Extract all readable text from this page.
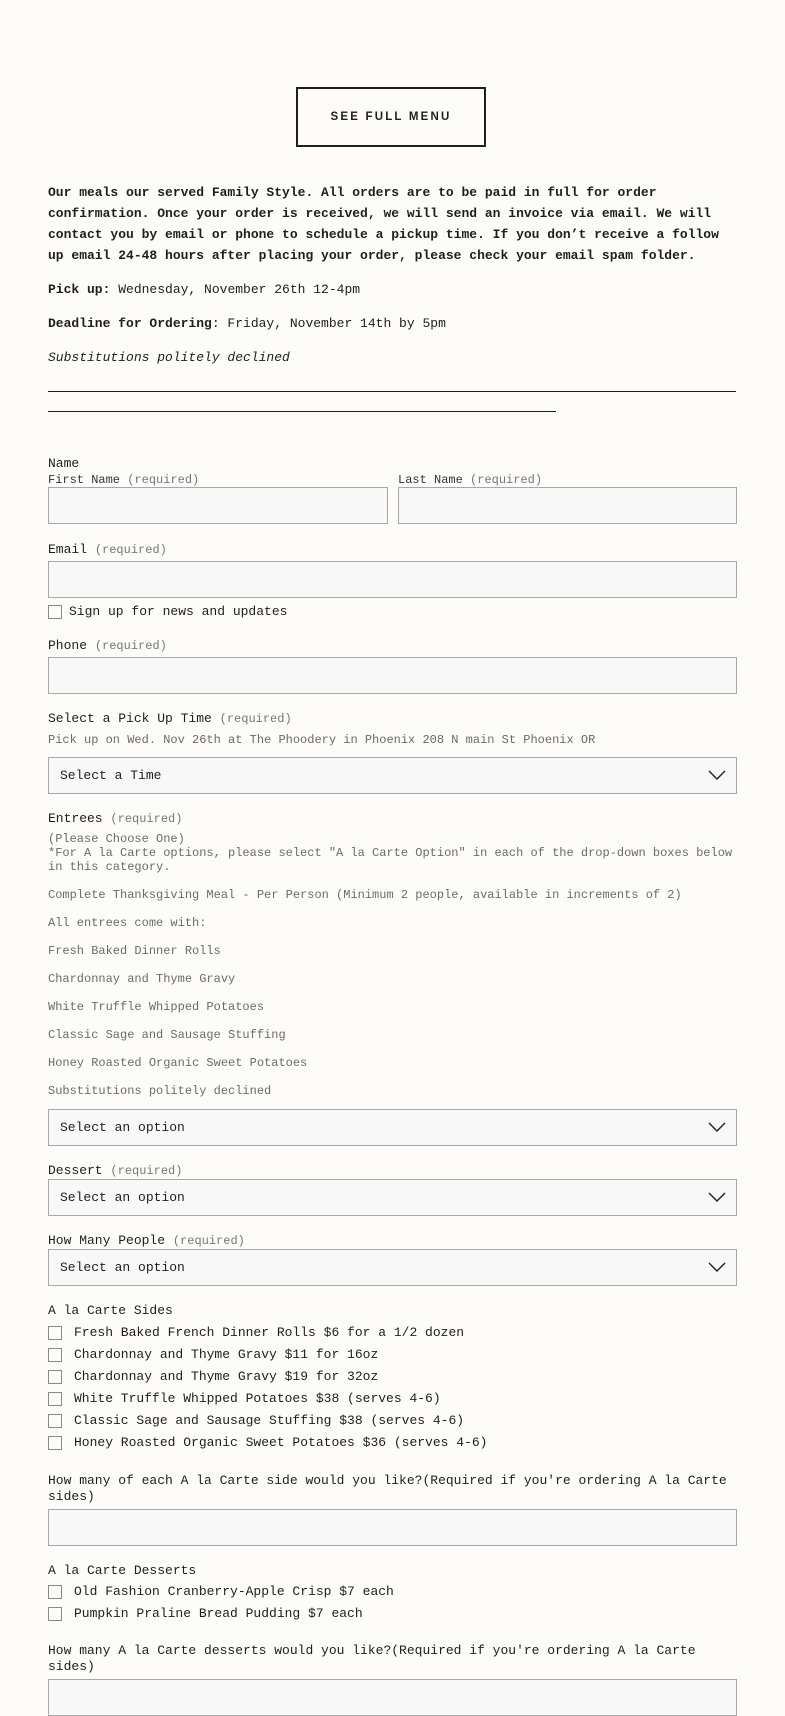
SEE FULL MENU
Our meals our served Family Style. All orders are to be paid in full for order confirmation. Once your order is received, we will send an invoice via email. We will contact you by email or phone to schedule a pickup time. If you don’t receive a follow up email 24-48 hours after placing your order, please check your email spam folder.
Pick up: Wednesday, November 26th 12-4pm
Deadline for Ordering: Friday, November 14th by 5pm
Substitutions politely declined
Name
First Name (required)	Last Name (required)
Email (required)
Sign up for news and updates
Phone (required)
Select a Pick Up Time (required)
Pick up on Wed. Nov 26th at The Phoodery in Phoenix 208 N main St Phoenix OR
Select a Time
Entrees (required)
(Please Choose One)
*For A la Carte options, please select "A la Carte Option" in each of the drop-down boxes below in this category.
Complete Thanksgiving Meal - Per Person (Minimum 2 people, available in increments of 2)
All entrees come with:
Fresh Baked Dinner Rolls
Chardonnay and Thyme Gravy
White Truffle Whipped Potatoes
Classic Sage and Sausage Stuffing
Honey Roasted Organic Sweet Potatoes
Substitutions politely declined
Select an option
Dessert (required)
Select an option
How Many People (required)
Select an option
A la Carte Sides
Fresh Baked French Dinner Rolls $6 for a 1/2 dozen
Chardonnay and Thyme Gravy $11 for 16oz
Chardonnay and Thyme Gravy $19 for 32oz
White Truffle Whipped Potatoes $38 (serves 4-6)
Classic Sage and Sausage Stuffing $38 (serves 4-6)
Honey Roasted Organic Sweet Potatoes $36 (serves 4-6)
How many of each A la Carte side would you like?(Required if you're ordering A la Carte sides)
A la Carte Desserts
Old Fashion Cranberry-Apple Crisp $7 each
Pumpkin Praline Bread Pudding $7 each
How many A la Carte desserts would you like?(Required if you're ordering A la Carte sides)
